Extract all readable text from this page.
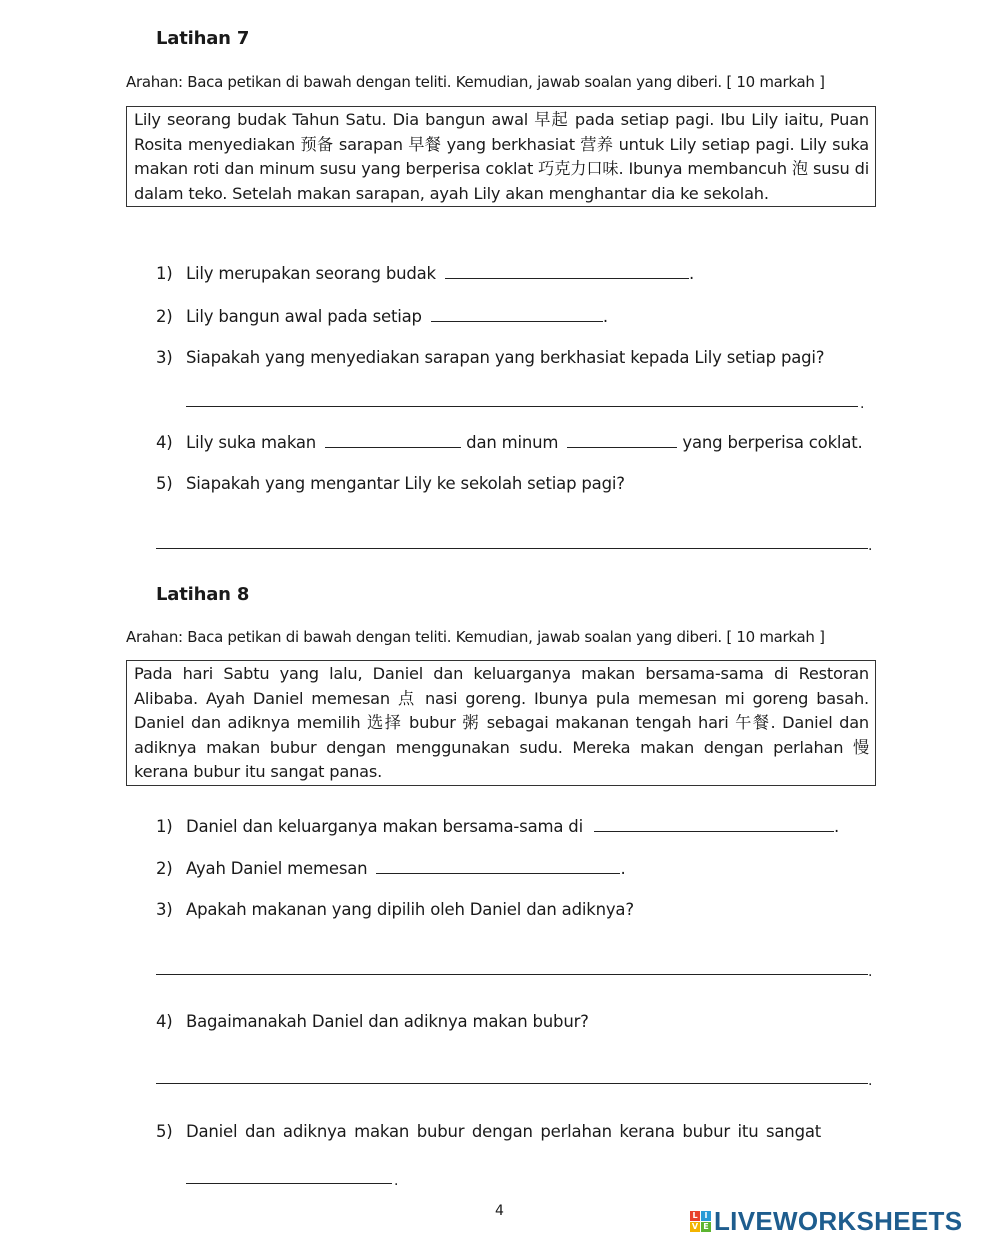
Latihan 7
Arahan: Baca petikan di bawah dengan teliti. Kemudian, jawab soalan yang diberi. [ 10 markah ]

Lily seorang budak Tahun Satu. Dia bangun awal 早起 pada setiap pagi. Ibu Lily iaitu, Puan Rosita menyediakan 预备 sarapan 早餐 yang berkhasiat 营养 untuk Lily setiap pagi. Lily suka makan roti dan minum susu yang berperisa coklat 巧克力口味. Ibunya membancuh 泡 susu di dalam teko. Setelah makan sarapan, ayah Lily akan menghantar dia ke sekolah.

1) Lily merupakan seorang budak	.
2) Lily bangun awal pada setiap	.
3) Siapakah yang menyediakan sarapan yang berkhasiat kepada Lily setiap pagi?
.
4) Lily suka makan	dan minum	yang berperisa coklat.
5) Siapakah yang mengantar Lily ke sekolah setiap pagi?
.
Latihan 8
Arahan: Baca petikan di bawah dengan teliti. Kemudian, jawab soalan yang diberi. [ 10 markah ]

Pada hari Sabtu yang lalu, Daniel dan keluarganya makan bersama-sama di Restoran Alibaba. Ayah Daniel memesan 点 nasi goreng. Ibunya pula memesan mi goreng basah. Daniel dan adiknya memilih 选择 bubur 粥 sebagai makanan tengah hari 午餐. Daniel dan adiknya makan bubur dengan menggunakan sudu. Mereka makan dengan perlahan 慢 kerana bubur itu sangat panas.

1) Daniel dan keluarganya makan bersama-sama di	.
2) Ayah Daniel memesan	.
3) Apakah makanan yang dipilih oleh Daniel dan adiknya?
.
4) Bagaimanakah Daniel dan adiknya makan bubur?
.
5) Daniel dan adiknya makan bubur dengan perlahan kerana bubur itu sangat
.
4	L I
V E LIVEWORKSHEETS
